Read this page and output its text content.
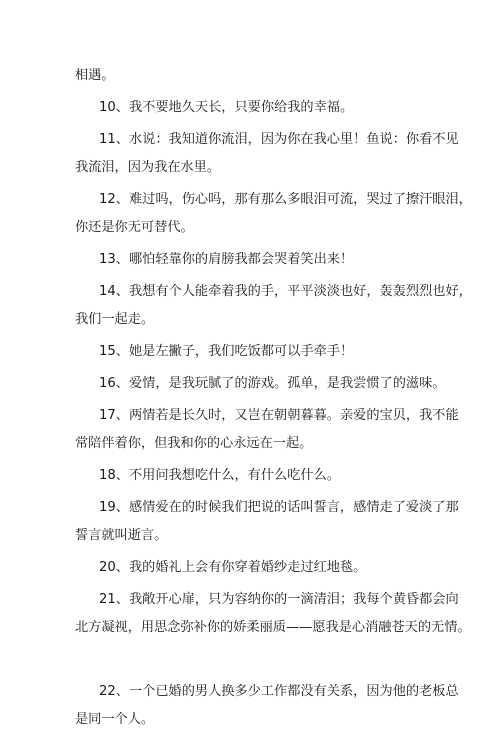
相遇。

10、我不要地久天长，只要你给我的幸福。

11、水说：我知道你流泪，因为你在我心里！鱼说：你看不见
我流泪，因为我在水里。

12、难过吗，伤心吗，那有那么多眼泪可流，哭过了擦汗眼泪，
你还是你无可替代。

13、哪怕轻靠你的肩膀我都会哭着笑出来！

14、我想有个人能牵着我的手，平平淡淡也好，轰轰烈烈也好，
我们一起走。

15、她是左撇子，我们吃饭都可以手牵手！

16、爱情，是我玩腻了的游戏。孤单，是我尝惯了的滋味。

17、两情若是长久时，又岂在朝朝暮暮。亲爱的宝贝，我不能
常陪伴着你，但我和你的心永远在一起。

18、不用问我想吃什么，有什么吃什么。

19、感情爱在的时候我们把说的话叫誓言，感情走了爱淡了那
誓言就叫逝言。

20、我的婚礼上会有你穿着婚纱走过红地毯。

21、我敞开心扉，只为容纳你的一滴清泪；我每个黄昏都会向
北方凝视，用思念弥补你的娇柔丽质——愿我是心消融苍天的无情。

22、一个已婚的男人换多少工作都没有关系，因为他的老板总
是同一个人。
